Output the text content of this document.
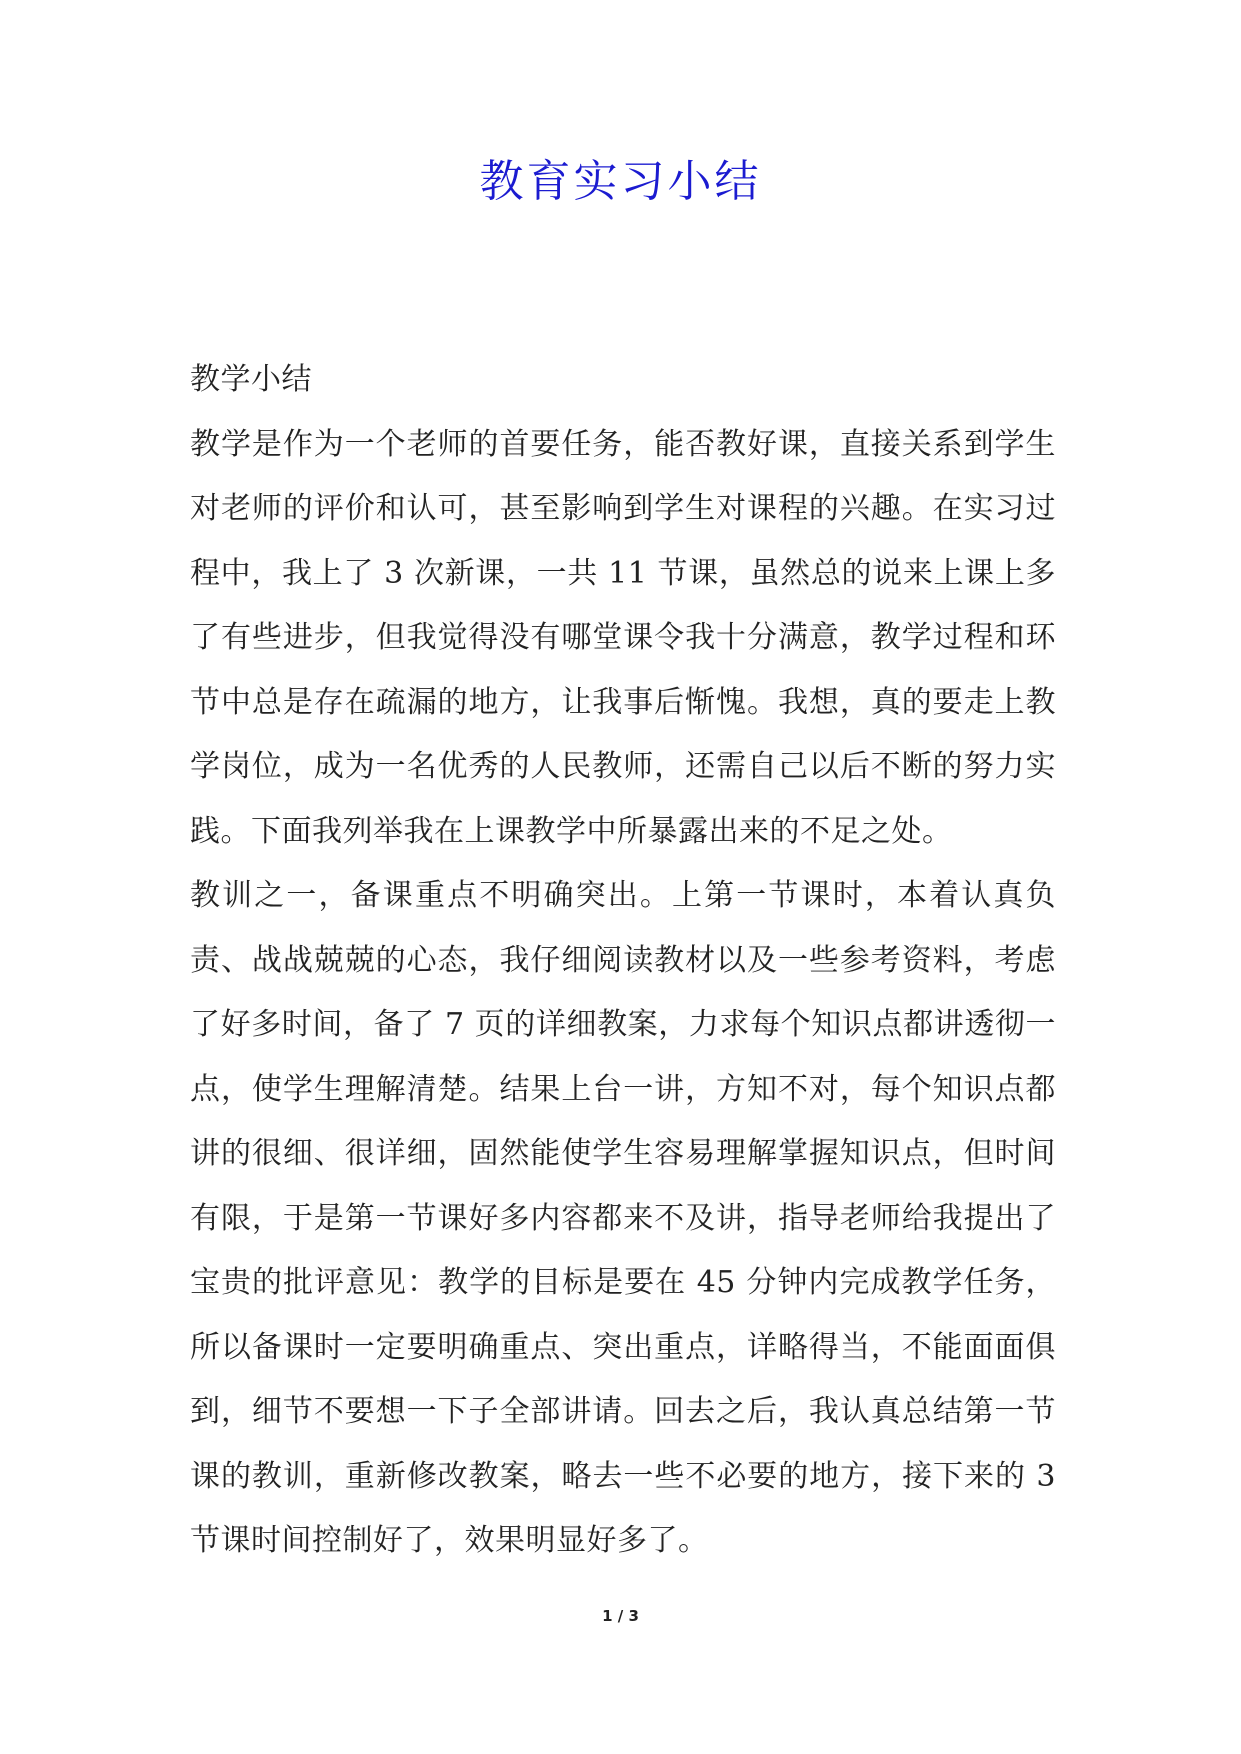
教育实习小结

教学小结

教学是作为一个老师的首要任务，能否教好课，直接关系到学生对老师的评价和认可，甚至影响到学生对课程的兴趣。在实习过程中，我上了 3 次新课，一共 11 节课，虽然总的说来上课上多了有些进步，但我觉得没有哪堂课令我十分满意，教学过程和环节中总是存在疏漏的地方，让我事后惭愧。我想，真的要走上教学岗位，成为一名优秀的人民教师，还需自己以后不断的努力实践。下面我列举我在上课教学中所暴露出来的不足之处。

教训之一，备课重点不明确突出。上第一节课时，本着认真负责、战战兢兢的心态，我仔细阅读教材以及一些参考资料，考虑了好多时间，备了 7 页的详细教案，力求每个知识点都讲透彻一点，使学生理解清楚。结果上台一讲，方知不对，每个知识点都讲的很细、很详细，固然能使学生容易理解掌握知识点，但时间有限，于是第一节课好多内容都来不及讲，指导老师给我提出了宝贵的批评意见：教学的目标是要在 45 分钟内完成教学任务，所以备课时一定要明确重点、突出重点，详略得当，不能面面俱到，细节不要想一下子全部讲请。回去之后，我认真总结第一节课的教训，重新修改教案，略去一些不必要的地方，接下来的 3 节课时间控制好了，效果明显好多了。

1 / 3
